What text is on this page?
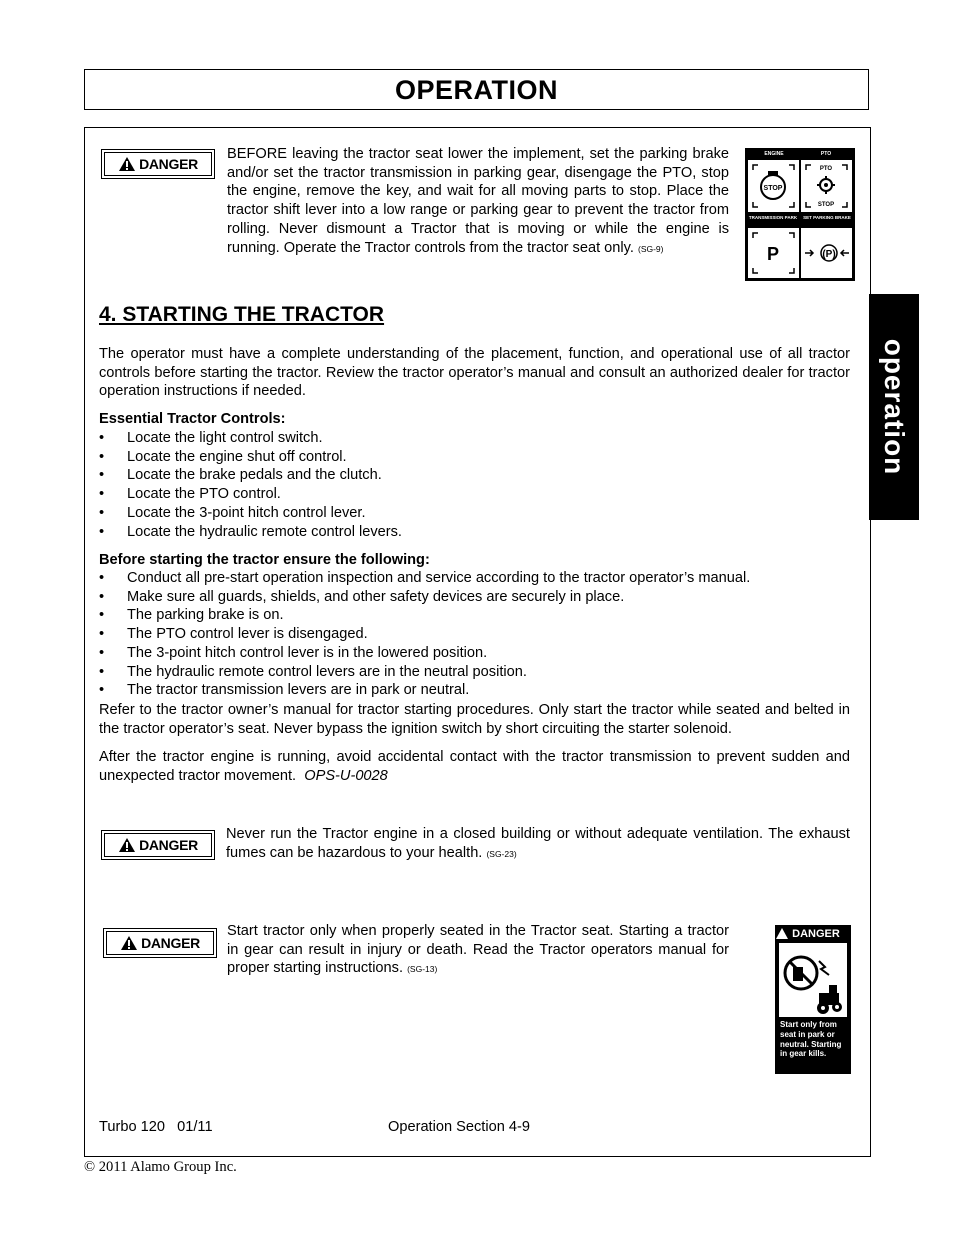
OPERATION
operation
DANGER
BEFORE leaving the tractor seat lower the implement, set the parking brake and/or set the tractor transmission in parking gear, disengage the PTO, stop the engine, remove the key, and wait for all moving parts to stop. Place the tractor shift lever into a low range or parking gear to prevent the tractor from rolling. Never dismount a Tractor that is moving or while the engine is running. Operate the Tractor controls from the tractor seat only. (SG-9)
ENGINE	PTO
STOP
PTO
STOP
TRANSMISSION PARK	SET PARKING BRAKE
P	(P)
4. STARTING THE TRACTOR
The operator must have a complete understanding of the placement, function, and operational use of all tractor controls before starting the tractor. Review the tractor operator’s manual and consult an authorized dealer for tractor operation instructions if needed.
Essential Tractor Controls:
• Locate the light control switch.
• Locate the engine shut off control.
• Locate the brake pedals and the clutch.
• Locate the PTO control.
• Locate the 3-point hitch control lever.
• Locate the hydraulic remote control levers.
Before starting the tractor ensure the following:
• Conduct all pre-start operation inspection and service according to the tractor operator’s manual.
• Make sure all guards, shields, and other safety devices are securely in place.
• The parking brake is on.
• The PTO control lever is disengaged.
• The 3-point hitch control lever is in the lowered position.
• The hydraulic remote control levers are in the neutral position.
• The tractor transmission levers are in park or neutral.
Refer to the tractor owner’s manual for tractor starting procedures. Only start the tractor while seated and belted in the tractor operator’s seat. Never bypass the ignition switch by short circuiting the starter solenoid.
After the tractor engine is running, avoid accidental contact with the tractor transmission to prevent sudden and unexpected tractor movement. OPS-U-0028
DANGER
Never run the Tractor engine in a closed building or without adequate ventilation. The exhaust fumes can be hazardous to your health. (SG-23)
DANGER
Start tractor only when properly seated in the Tractor seat. Starting a tractor in gear can result in injury or death. Read the Tractor operators manual for proper starting instructions. (SG-13)
DANGER
Start only from seat in park or neutral. Starting in gear kills.
Turbo 120   01/11	Operation Section 4-9
© 2011 Alamo Group Inc.
